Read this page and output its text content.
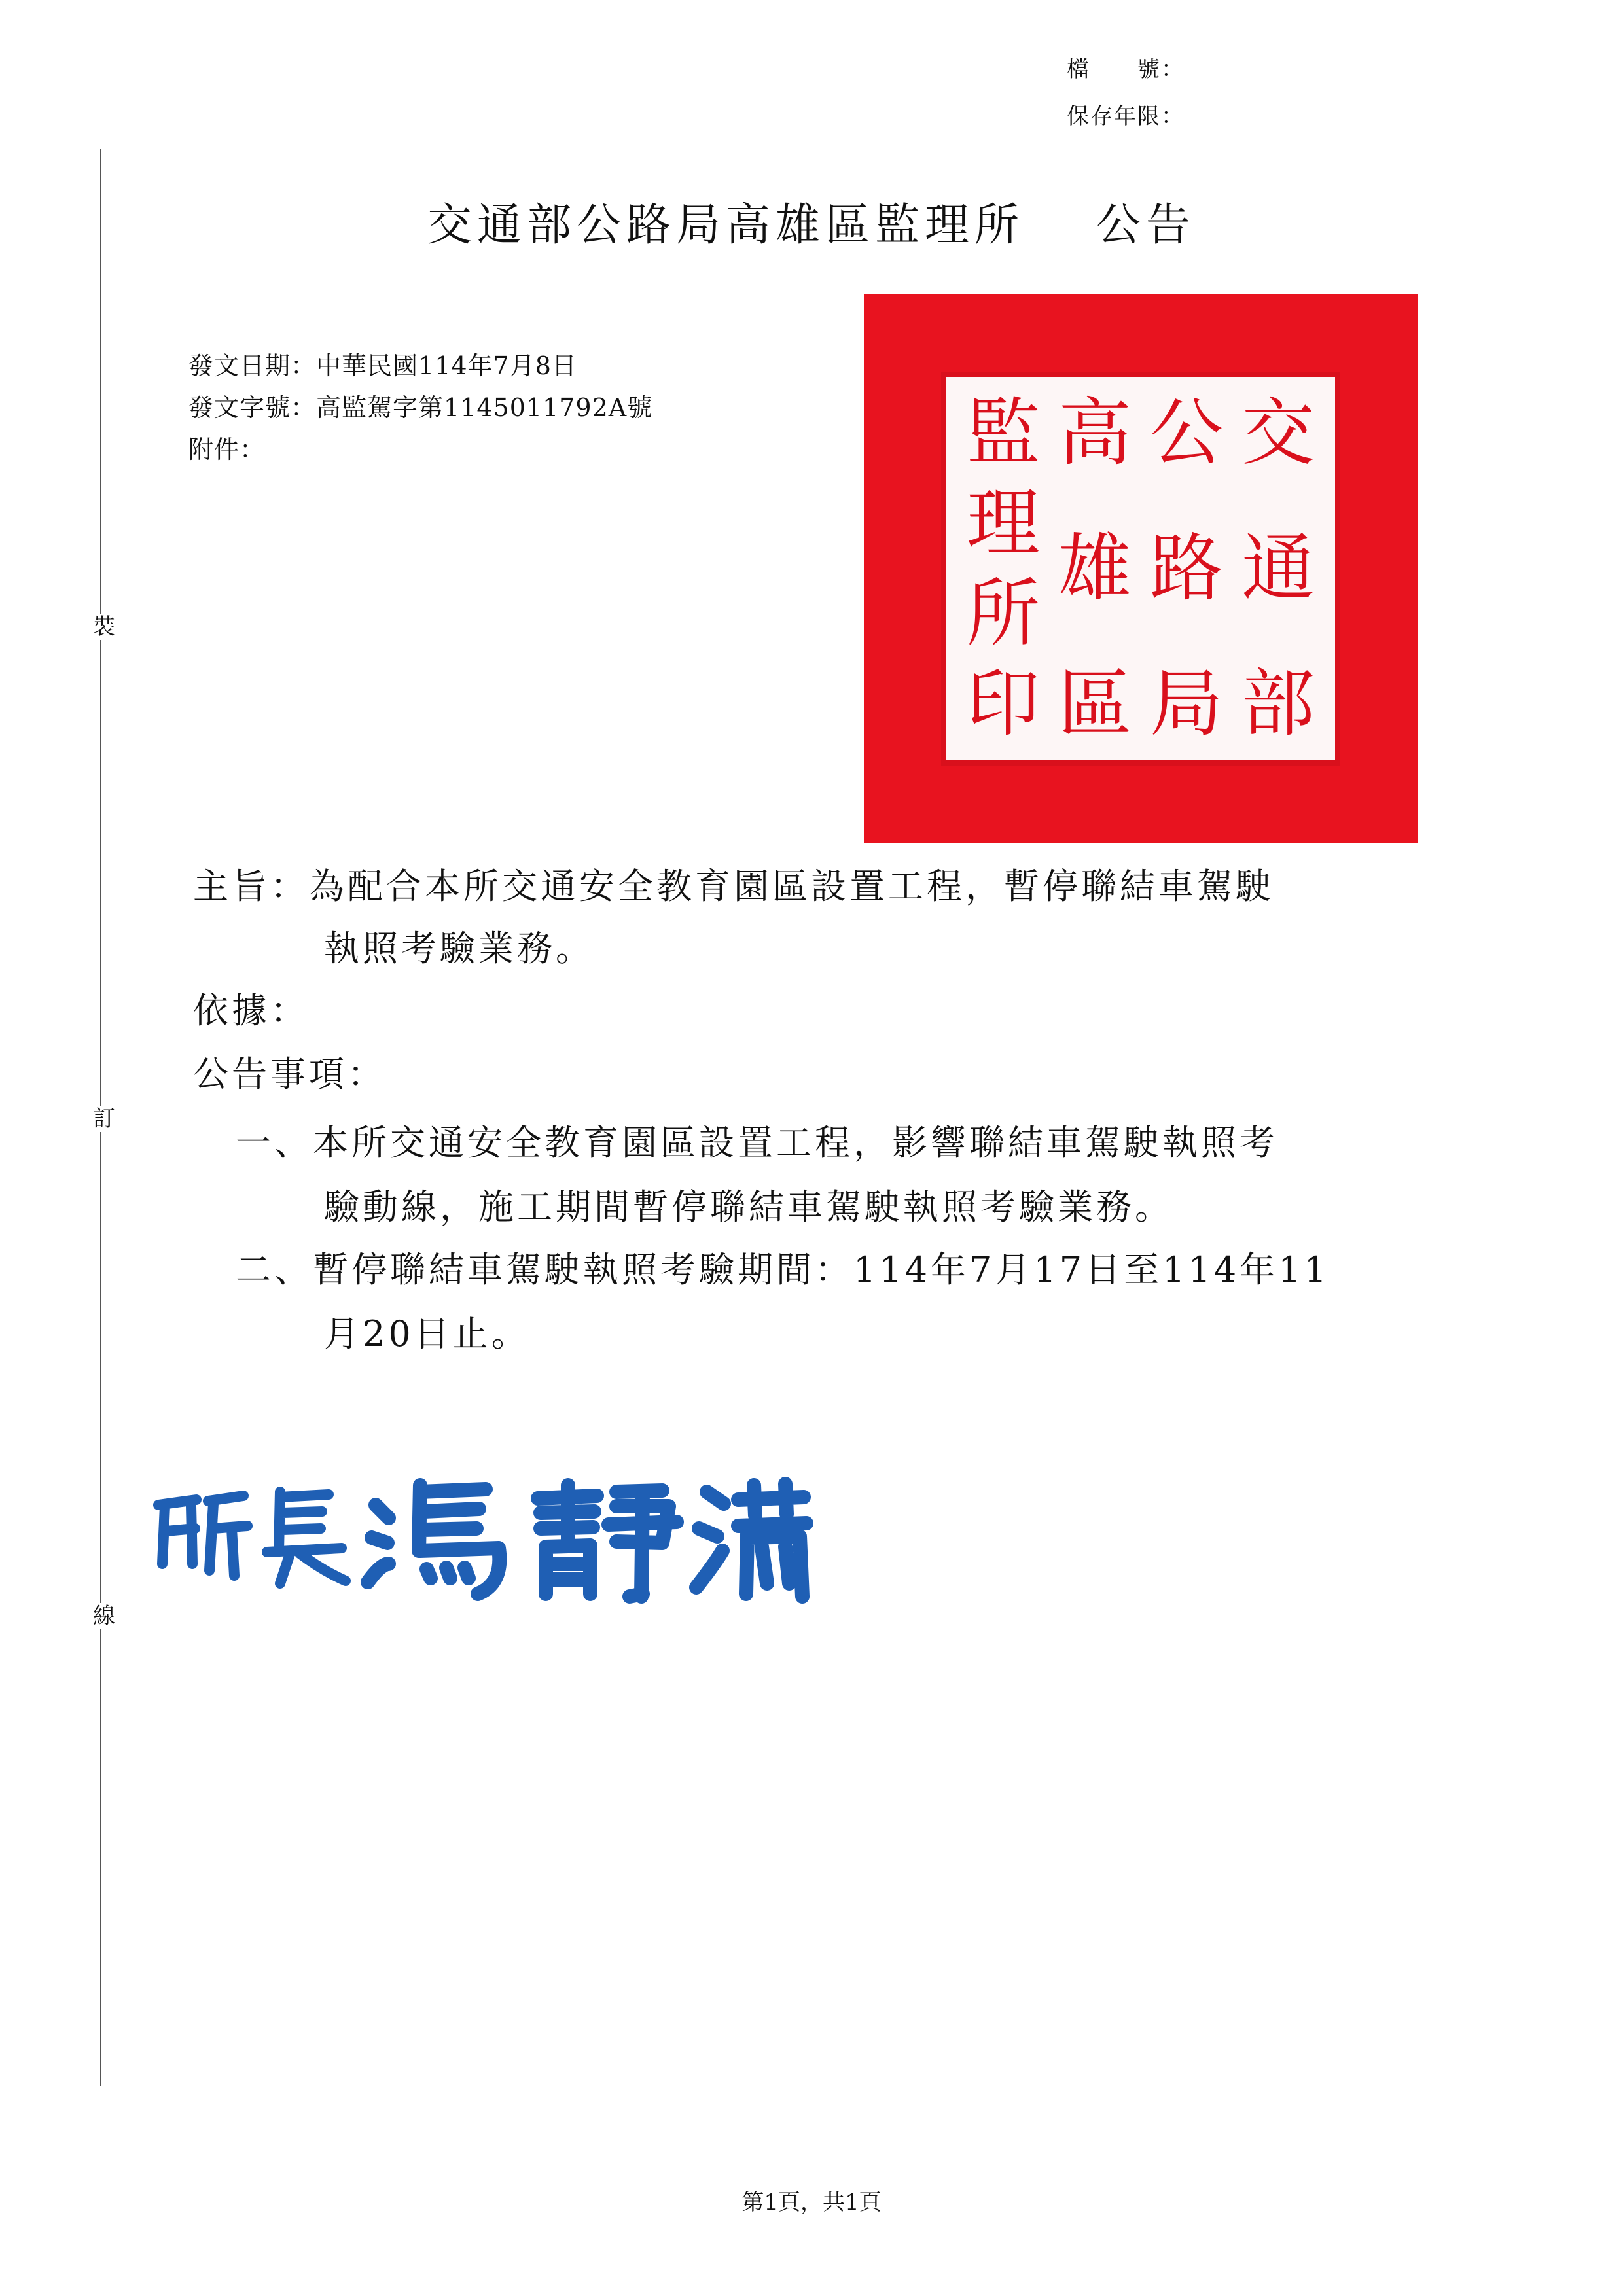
檔　　號：
保存年限：
裝
訂
線
交通部公路局高雄區監理所 公告
發文日期：中華民國114年7月8日
發文字號：高監駕字第1145011792A號
附件：	交
通
部
公
路
局
高
雄
區
監
理
所
印
主旨：為配合本所交通安全教育園區設置工程，暫停聯結車駕駛
執照考驗業務。
依據：
公告事項：
一、本所交通安全教育園區設置工程，影響聯結車駕駛執照考
驗動線，施工期間暫停聯結車駕駛執照考驗業務。
二、暫停聯結車駕駛執照考驗期間：114年7月17日至114年11
月20日止。
第1頁，共1頁
